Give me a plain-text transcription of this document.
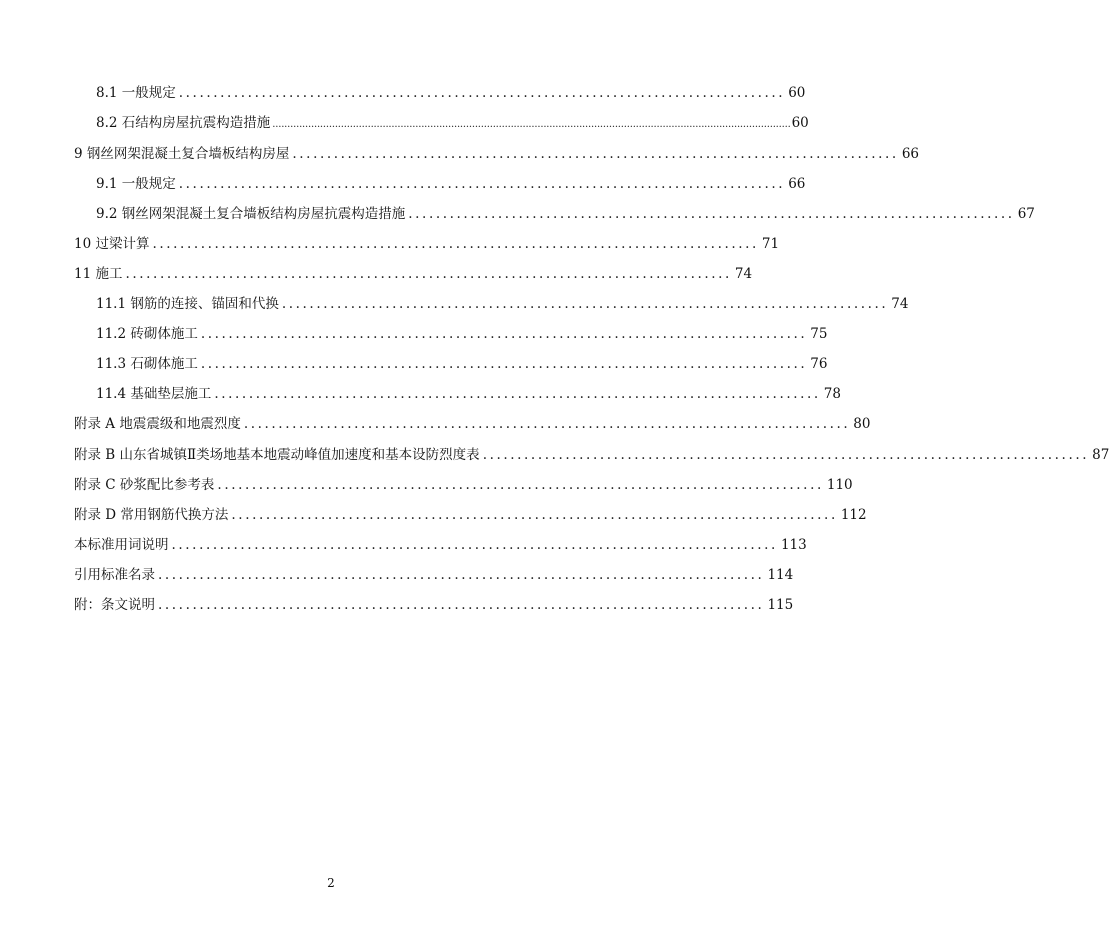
8.1 一般规定 ........................................................................................ 60
8.2 石结构房屋抗震构造措施 .............................................................................................................................................................................. 60
9 钢丝网架混凝土复合墙板结构房屋 ........................................................................................ 66
9.1 一般规定 ........................................................................................ 66
9.2 钢丝网架混凝土复合墙板结构房屋抗震构造措施 ........................................................................................ 67
10 过梁计算 ........................................................................................ 71
11 施工 ........................................................................................ 74
11.1 钢筋的连接、锚固和代换 ........................................................................................ 74
11.2 砖砌体施工 ........................................................................................ 75
11.3 石砌体施工 ........................................................................................ 76
11.4 基础垫层施工 ........................................................................................ 78
附录 A 地震震级和地震烈度 ........................................................................................ 80
附录 B 山东省城镇Ⅱ类场地基本地震动峰值加速度和基本设防烈度表 ........................................................................................ 87
附录 C 砂浆配比参考表 ........................................................................................ 110
附录 D 常用钢筋代换方法 ........................................................................................ 112
本标准用词说明 ........................................................................................ 113
引用标准名录 ........................................................................................ 114
附：条文说明 ........................................................................................ 115
2
